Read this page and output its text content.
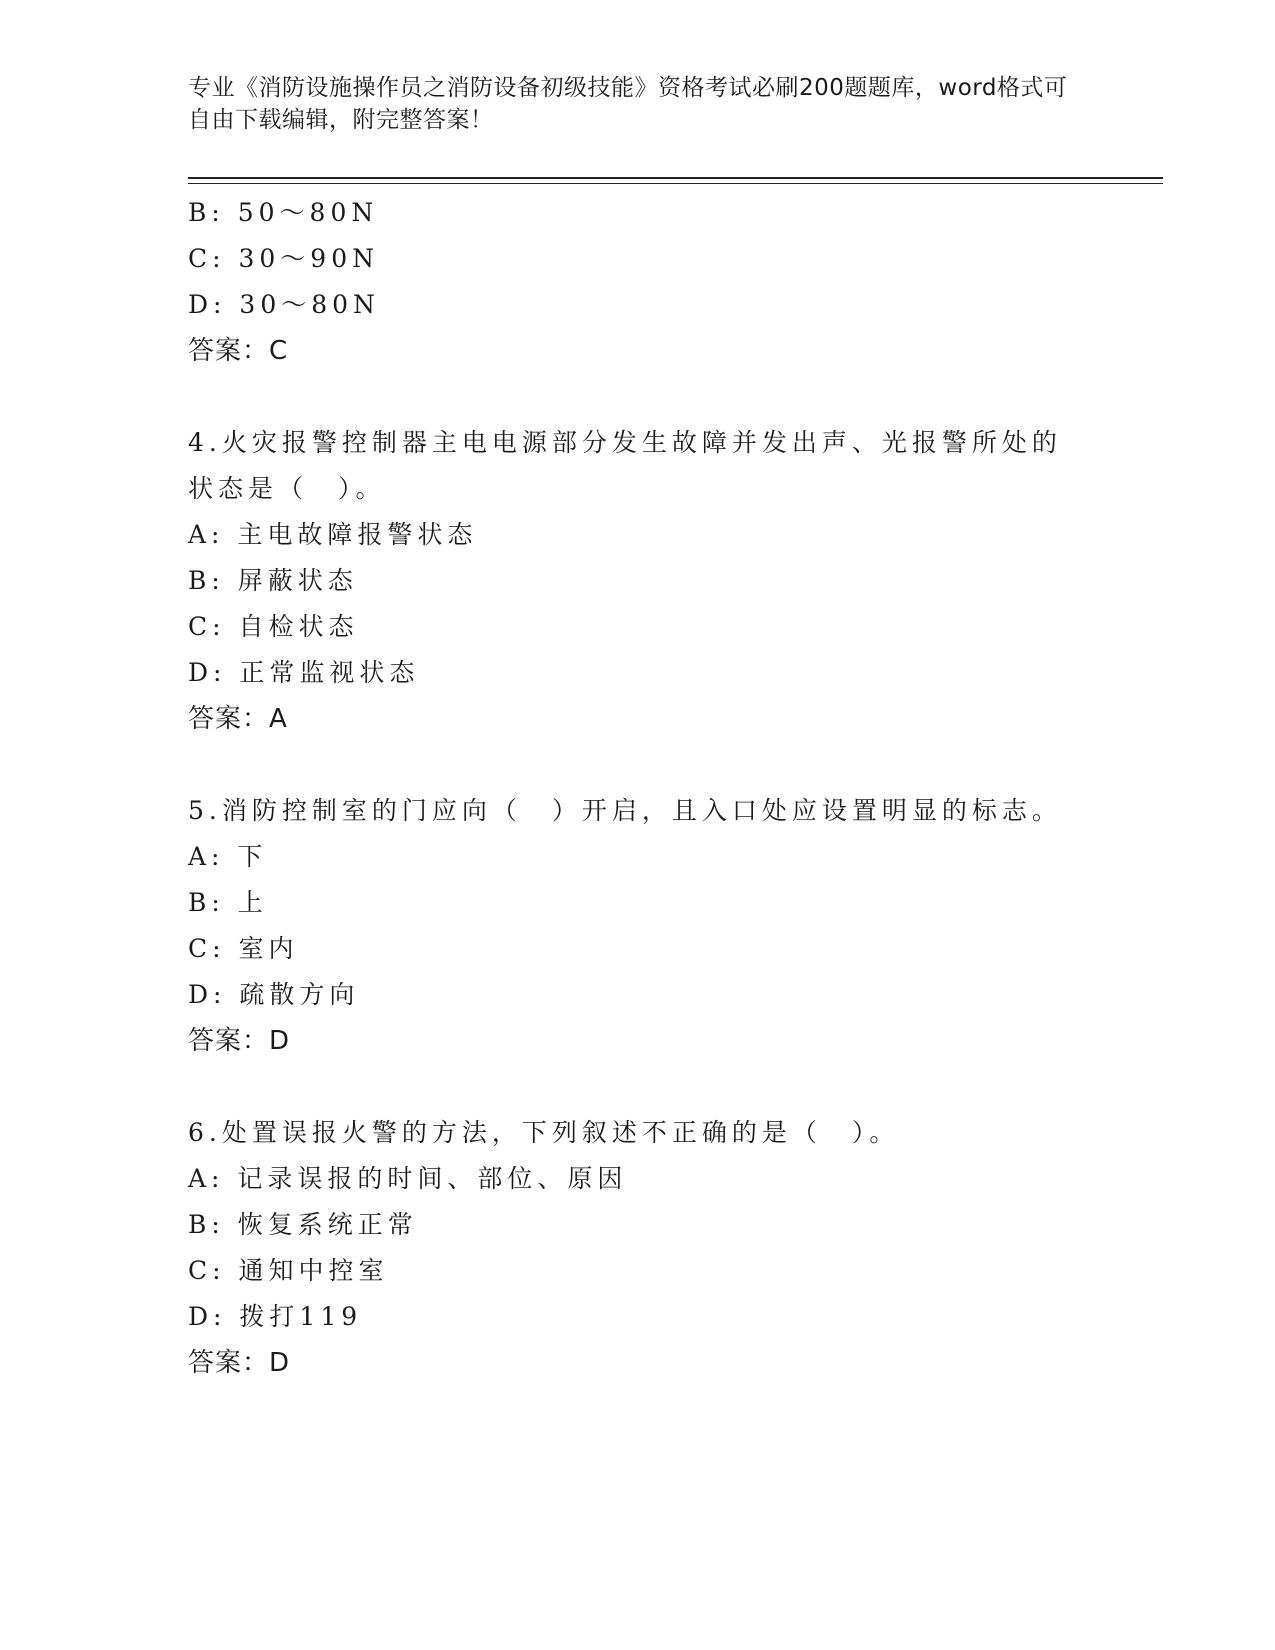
专业《消防设施操作员之消防设备初级技能》资格考试必刷200题题库，word格式可自由下载编辑，附完整答案！
B: 50～80N
C: 30～90N
D: 30～80N
答案：C
4.火灾报警控制器主电电源部分发生故障并发出声、光报警所处的状态是（　）。
A: 主电故障报警状态
B: 屏蔽状态
C: 自检状态
D: 正常监视状态
答案：A
5.消防控制室的门应向（　）开启，且入口处应设置明显的标志。
A: 下
B: 上
C: 室内
D: 疏散方向
答案：D
6.处置误报火警的方法，下列叙述不正确的是（　）。
A: 记录误报的时间、部位、原因
B: 恢复系统正常
C: 通知中控室
D: 拨打119
答案：D
